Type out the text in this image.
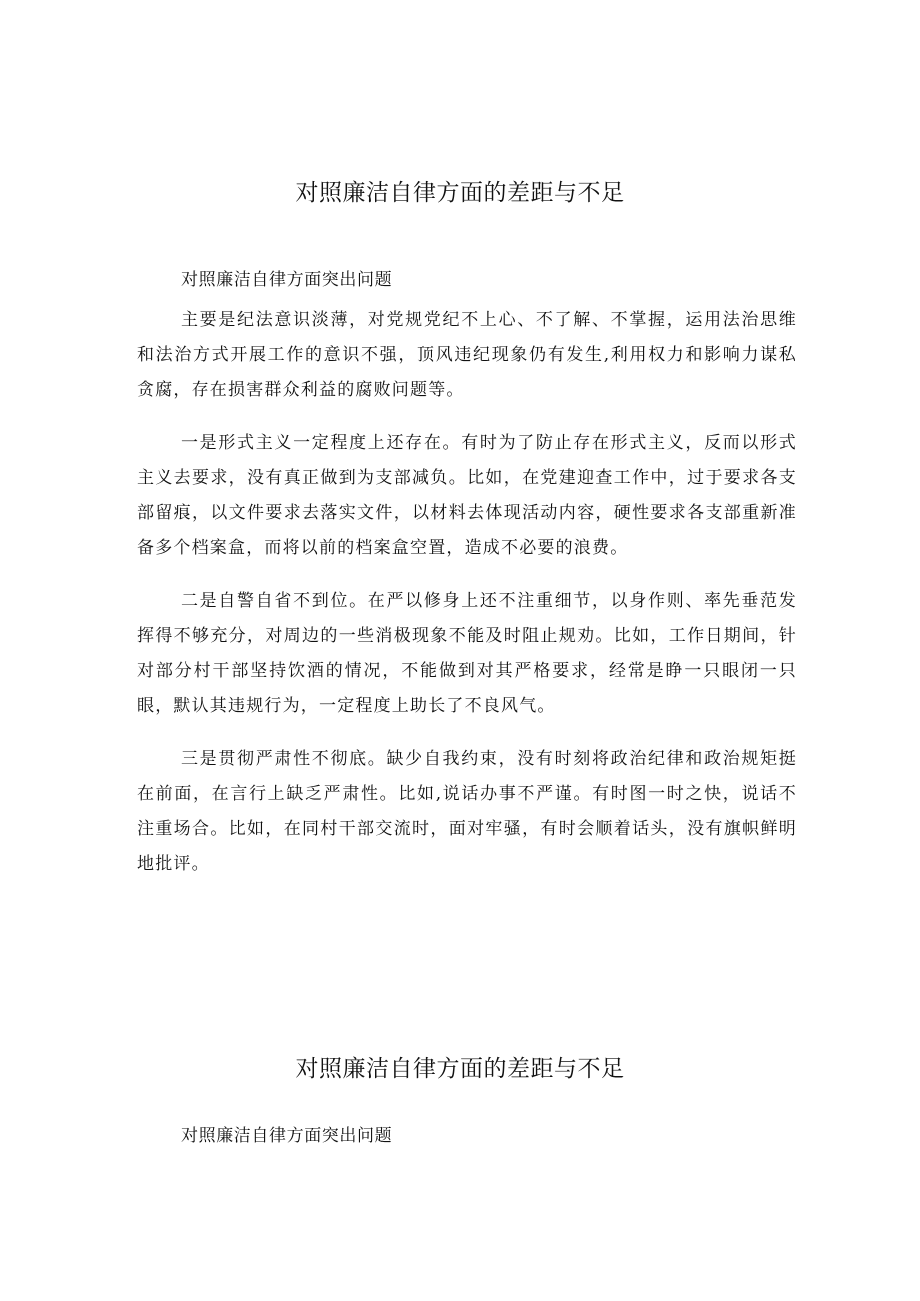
对照廉洁自律方面的差距与不足

对照廉洁自律方面突出问题

主要是纪法意识淡薄，对党规党纪不上心、不了解、不掌握，运用法治思维和法治方式开展工作的意识不强，顶风违纪现象仍有发生,利用权力和影响力谋私贪腐，存在损害群众利益的腐败问题等。

一是形式主义一定程度上还存在。有时为了防止存在形式主义，反而以形式主义去要求，没有真正做到为支部减负。比如，在党建迎查工作中，过于要求各支部留痕，以文件要求去落实文件，以材料去体现活动内容，硬性要求各支部重新准备多个档案盒，而将以前的档案盒空置，造成不必要的浪费。

二是自警自省不到位。在严以修身上还不注重细节，以身作则、率先垂范发挥得不够充分，对周边的一些消极现象不能及时阻止规劝。比如，工作日期间，针对部分村干部坚持饮酒的情况，不能做到对其严格要求，经常是睁一只眼闭一只眼，默认其违规行为，一定程度上助长了不良风气。

三是贯彻严肃性不彻底。缺少自我约束，没有时刻将政治纪律和政治规矩挺在前面，在言行上缺乏严肃性。比如,说话办事不严谨。有时图一时之快，说话不注重场合。比如，在同村干部交流时，面对牢骚，有时会顺着话头，没有旗帜鲜明地批评。

对照廉洁自律方面的差距与不足

对照廉洁自律方面突出问题
